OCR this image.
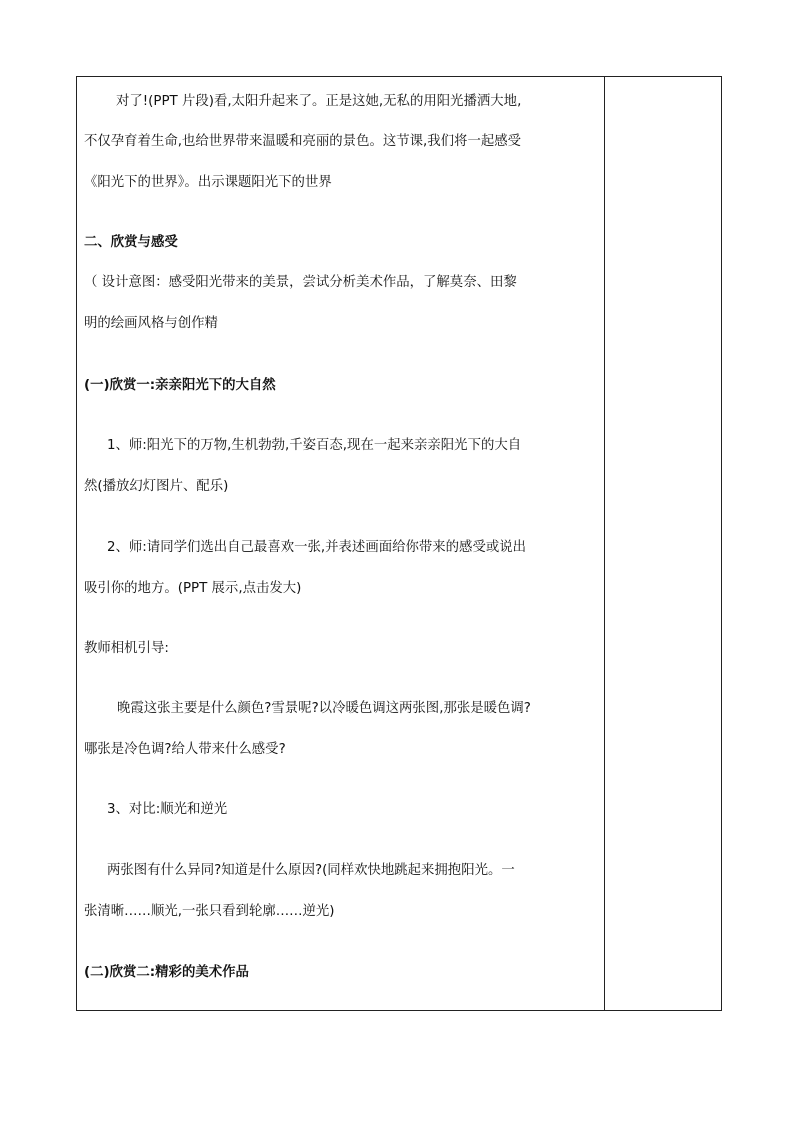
对了!(PPT 片段)看,太阳升起来了。正是这她,无私的用阳光播洒大地,
不仅孕育着生命,也给世界带来温暖和亮丽的景色。这节课,我们将一起感受
《阳光下的世界》。出示课题阳光下的世界
二、欣赏与感受
（ 设计意图：感受阳光带来的美景，尝试分析美术作品，了解莫奈、田黎
明的绘画风格与创作精
(一)欣赏一:亲亲阳光下的大自然
1、师:阳光下的万物,生机勃勃,千姿百态,现在一起来亲亲阳光下的大自
然(播放幻灯图片、配乐)
2、师:请同学们选出自己最喜欢一张,并表述画面给你带来的感受或说出
吸引你的地方。(PPT 展示,点击发大)
教师相机引导:
晚霞这张主要是什么颜色?雪景呢?以冷暖色调这两张图,那张是暖色调?
哪张是冷色调?给人带来什么感受?
3、对比:顺光和逆光
两张图有什么异同?知道是什么原因?(同样欢快地跳起来拥抱阳光。一
张清晰……顺光,一张只看到轮廓……逆光)
(二)欣赏二:精彩的美术作品
